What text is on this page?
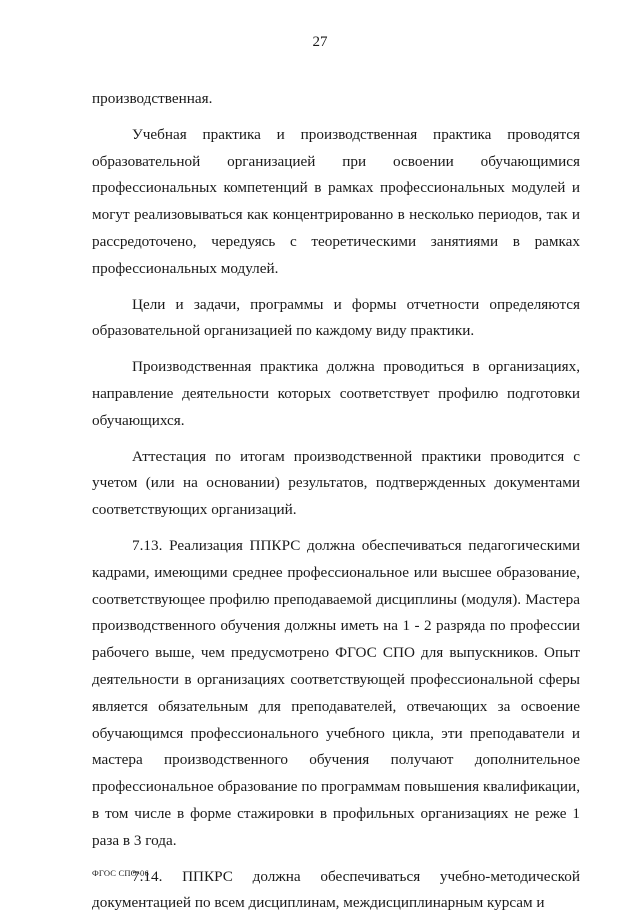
27

производственная.

Учебная практика и производственная практика проводятся образовательной организацией при освоении обучающимися профессиональных компетенций в рамках профессиональных модулей и могут реализовываться как концентрированно в несколько периодов, так и рассредоточено, чередуясь с теоретическими занятиями в рамках профессиональных модулей.

Цели и задачи, программы и формы отчетности определяются образовательной организацией по каждому виду практики.

Производственная практика должна проводиться в организациях, направление деятельности которых соответствует профилю подготовки обучающихся.

Аттестация по итогам производственной практики проводится с учетом (или на основании) результатов, подтвержденных документами соответствующих организаций.

7.13. Реализация ППКРС должна обеспечиваться педагогическими кадрами, имеющими среднее профессиональное или высшее образование, соответствующее профилю преподаваемой дисциплины (модуля). Мастера производственного обучения должны иметь на 1 - 2 разряда по профессии рабочего выше, чем предусмотрено ФГОС СПО для выпускников. Опыт деятельности в организациях соответствующей профессиональной сферы является обязательным для преподавателей, отвечающих за освоение обучающимся профессионального учебного цикла, эти преподаватели и мастера производственного обучения получают дополнительное профессиональное образование по программам повышения квалификации, в том числе в форме стажировки в профильных организациях не реже 1 раза в 3 года.

7.14. ППКРС должна обеспечиваться учебно-методической документацией по всем дисциплинам, междисциплинарным курсам и

ФГОС СПО-06
